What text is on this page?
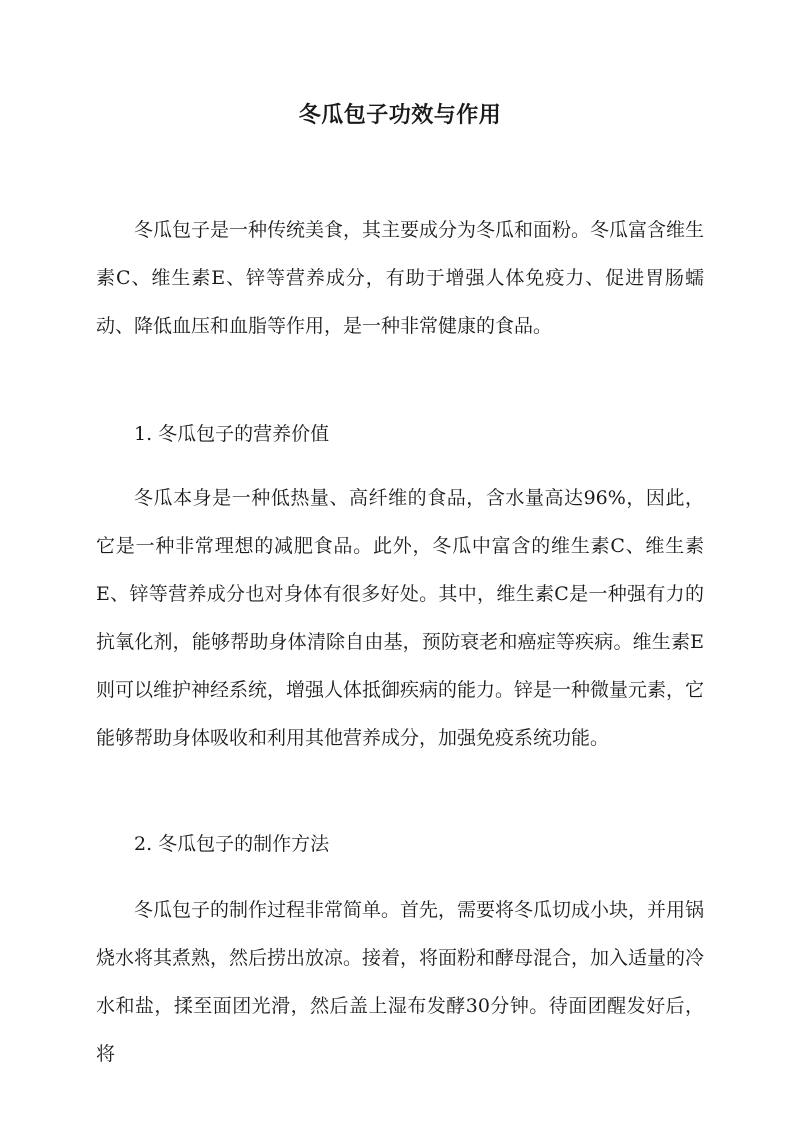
冬瓜包子功效与作用

冬瓜包子是一种传统美食，其主要成分为冬瓜和面粉。冬瓜富含维生素C、维生素E、锌等营养成分，有助于增强人体免疫力、促进胃肠蠕动、降低血压和血脂等作用，是一种非常健康的食品。

1. 冬瓜包子的营养价值

冬瓜本身是一种低热量、高纤维的食品，含水量高达96%，因此，它是一种非常理想的减肥食品。此外，冬瓜中富含的维生素C、维生素E、锌等营养成分也对身体有很多好处。其中，维生素C是一种强有力的抗氧化剂，能够帮助身体清除自由基，预防衰老和癌症等疾病。维生素E则可以维护神经系统，增强人体抵御疾病的能力。锌是一种微量元素，它能够帮助身体吸收和利用其他营养成分，加强免疫系统功能。

2. 冬瓜包子的制作方法

冬瓜包子的制作过程非常简单。首先，需要将冬瓜切成小块，并用锅烧水将其煮熟，然后捞出放凉。接着，将面粉和酵母混合，加入适量的冷水和盐，揉至面团光滑，然后盖上湿布发酵30分钟。待面团醒发好后，将
